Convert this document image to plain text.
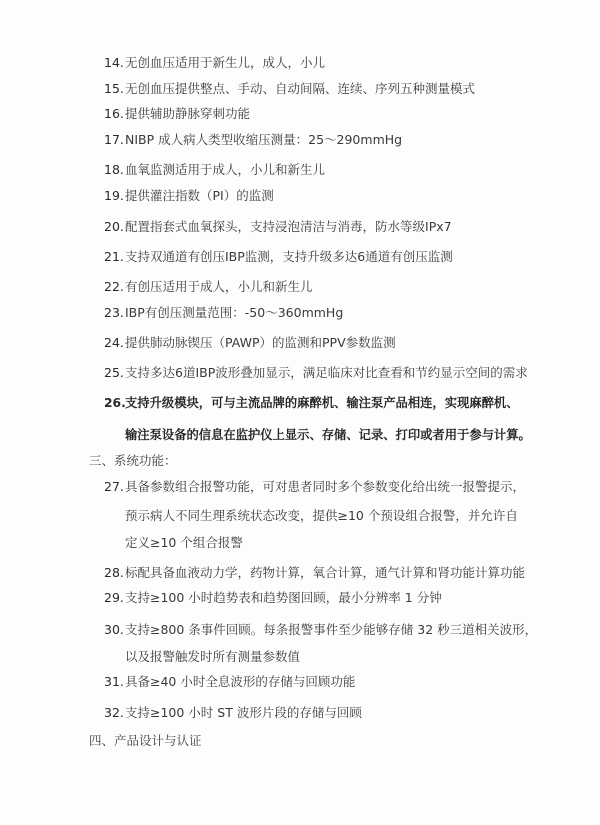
14.无创血压适用于新生儿，成人，小儿
15.无创血压提供整点、手动、自动间隔、连续、序列五种测量模式
16.提供辅助静脉穿刺功能
17.NIBP 成人病人类型收缩压测量：25～290mmHg
18.血氧监测适用于成人，小儿和新生儿
19.提供灌注指数（PI）的监测
20.配置指套式血氧探头，支持浸泡清洁与消毒，防水等级IPx7
21.支持双通道有创压IBP监测，支持升级多达6通道有创压监测
22.有创压适用于成人，小儿和新生儿
23.IBP有创压测量范围：-50～360mmHg
24.提供肺动脉锲压（PAWP）的监测和PPV参数监测
25.支持多达6道IBP波形叠加显示，满足临床对比查看和节约显示空间的需求
26.支持升级模块，可与主流品牌的麻醉机、输注泵产品相连，实现麻醉机、
输注泵设备的信息在监护仪上显示、存储、记录、打印或者用于参与计算。
三、系统功能：
27.具备参数组合报警功能，可对患者同时多个参数变化给出统一报警提示，
预示病人不同生理系统状态改变，提供≥10 个预设组合报警，并允许自
定义≥10 个组合报警
28.标配具备血液动力学，药物计算，氧合计算，通气计算和肾功能计算功能
29.支持≥100 小时趋势表和趋势图回顾，最小分辨率 1 分钟
30.支持≥800 条事件回顾。每条报警事件至少能够存储 32 秒三道相关波形，
以及报警触发时所有测量参数值
31.具备≥40 小时全息波形的存储与回顾功能
32.支持≥100 小时 ST 波形片段的存储与回顾
四、产品设计与认证
